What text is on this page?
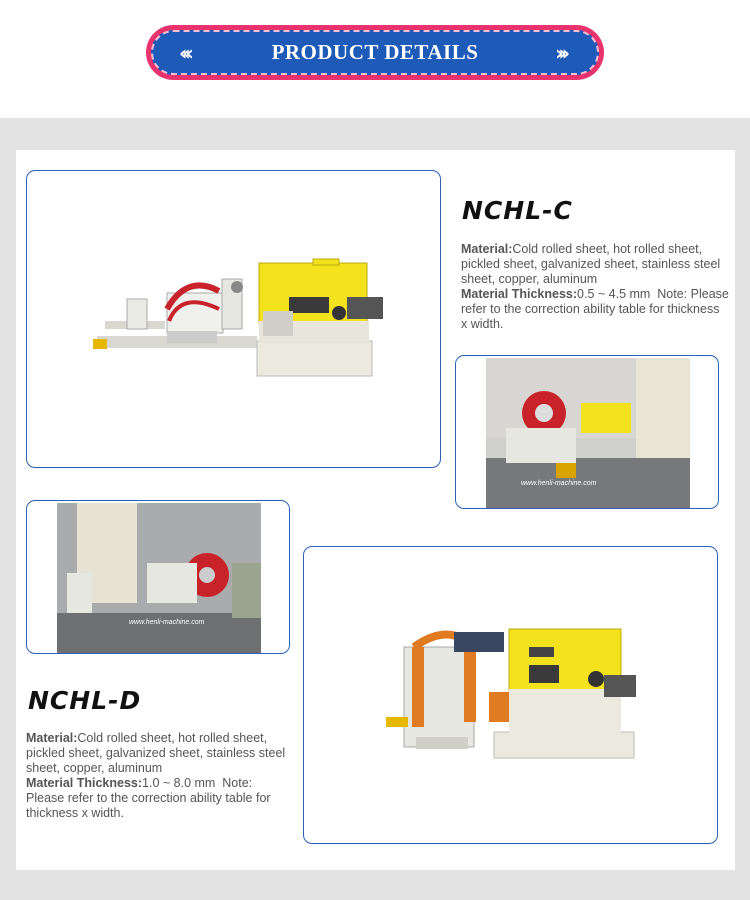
‹‹‹	PRODUCT DETAILS	›››
NCHL-C
Material:Cold rolled sheet, hot rolled sheet, pickled sheet, galvanized sheet, stainless steel sheet, copper, aluminum
Material Thickness:0.5 ~ 4.5 mm Note: Please refer to the correction ability table for thickness x width.
www.henli-machine.com
www.henli-machine.com
NCHL-D
Material:Cold rolled sheet, hot rolled sheet, pickled sheet, galvanized sheet, stainless steel sheet, copper, aluminum
Material Thickness:1.0 ~ 8.0 mm Note: Please refer to the correction ability table for thickness x width.
